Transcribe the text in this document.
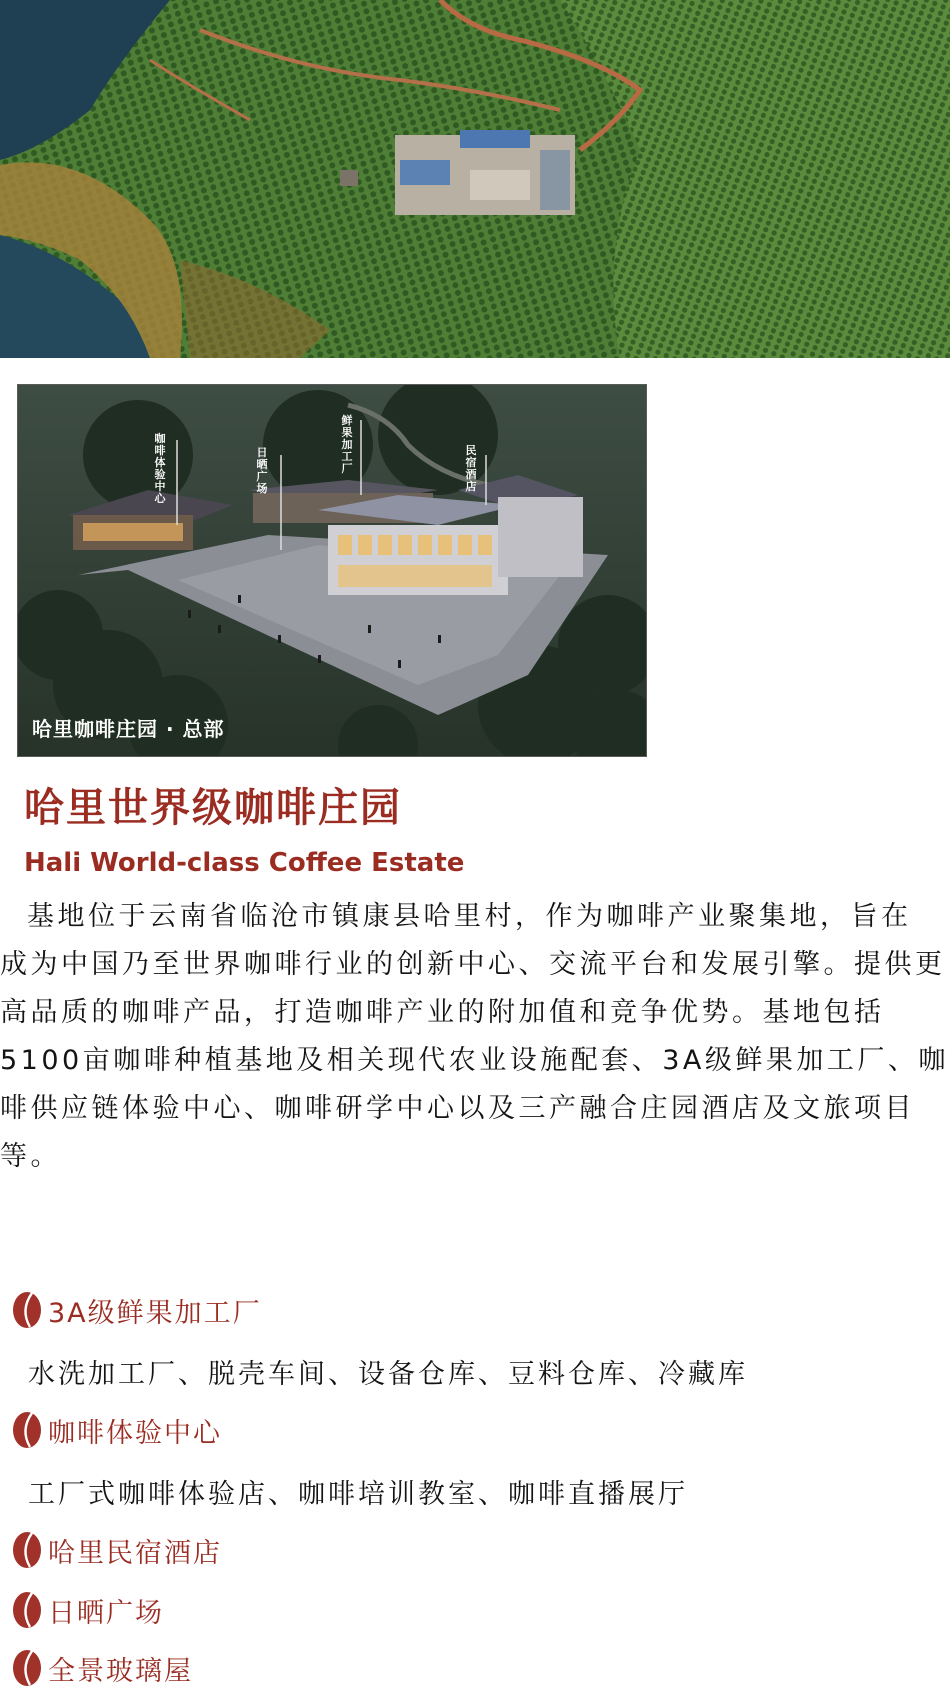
咖啡体验中心
日晒广场
鲜果加工厂
民宿酒店
哈里咖啡庄园 · 总部
哈里世界级咖啡庄园
Hali World-class Coffee Estate

基地位于云南省临沧市镇康县哈里村，作为咖啡产业聚集地，旨在 成为中国乃至世界咖啡行业的创新中心、交流平台和发展引擎。提供更高品质的咖啡产品，打造咖啡产业的附加值和竞争优势。基地包括5100亩咖啡种植基地及相关现代农业设施配套、3A级鲜果加工厂、咖啡供应链体验中心、咖啡研学中心以及三产融合庄园酒店及文旅项目等。

3A级鲜果加工厂
水洗加工厂、脱壳车间、设备仓库、豆料仓库、冷藏库
咖啡体验中心
工厂式咖啡体验店、咖啡培训教室、咖啡直播展厅
哈里民宿酒店
日晒广场
全景玻璃屋
